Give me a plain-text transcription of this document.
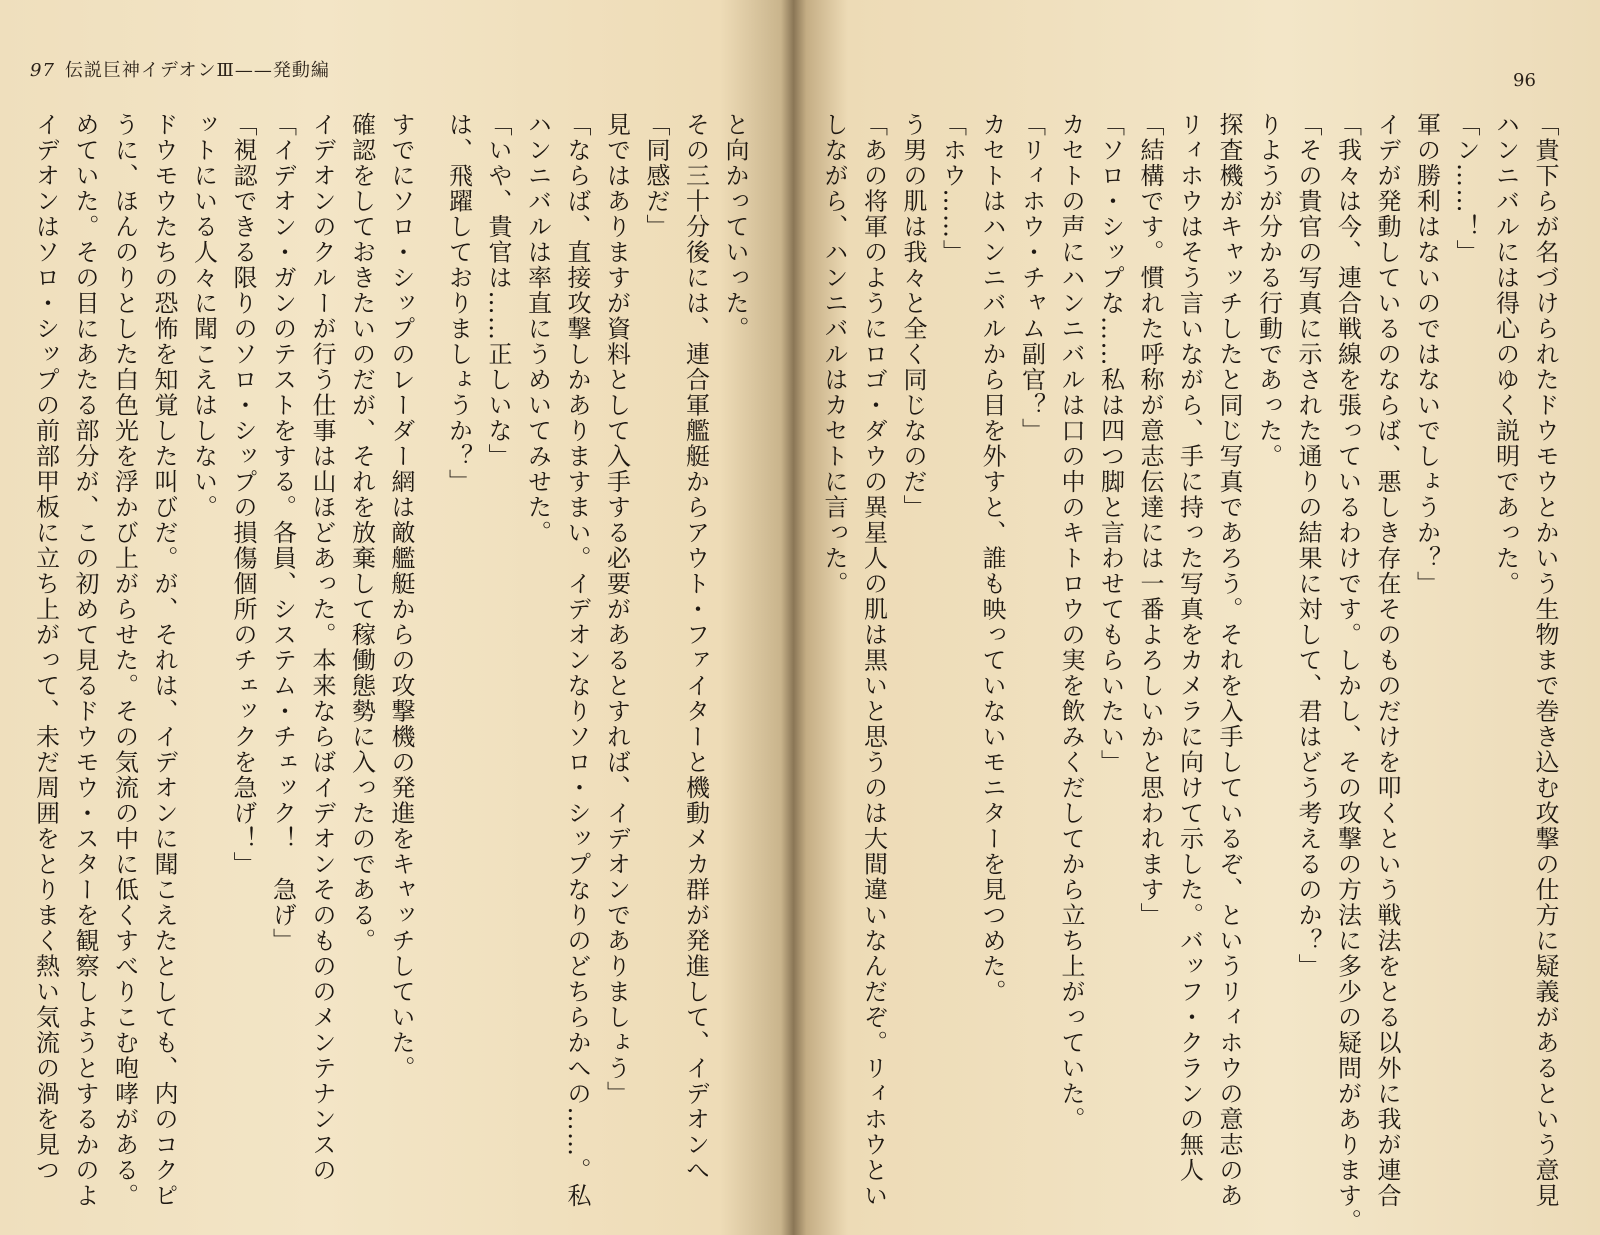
97 伝説巨神イデオンⅢ——発動編
と向かっていった。
その三十分後には、連合軍艦艇からアウト・ファイターと機動メカ群が発進して、イデオンへ
「同感だ」
見ではありますが資料として入手する必要があるとすれば、イデオンでありましょう」
「ならば、直接攻撃しかありますまい。イデオンなりソロ・シップなりのどちらかへの……。私
ハンニバルは率直にうめいてみせた。
「いや、貴官は……正しいな」
は、飛躍しておりましょうか？」
すでにソロ・シップのレーダー網は敵艦艇からの攻撃機の発進をキャッチしていた。
確認をしておきたいのだが、それを放棄して稼働態勢に入ったのである。
イデオンのクルーが行う仕事は山ほどあった。本来ならばイデオンそのもののメンテナンスの
「イデオン・ガンのテストをする。各員、システム・チェック！　急げ」
「視認できる限りのソロ・シップの損傷個所のチェックを急げ！」
ットにいる人々に聞こえはしない。
ドウモウたちの恐怖を知覚した叫びだ。が、それは、イデオンに聞こえたとしても、内のコクピ
うに、ほんのりとした白色光を浮かび上がらせた。その気流の中に低くすべりこむ咆哮がある。
めていた。その目にあたる部分が、この初めて見るドウモウ・スターを観察しようとするかのよ
イデオンはソロ・シップの前部甲板に立ち上がって、未だ周囲をとりまく熱い気流の渦を見つ
96
「貴下らが名づけられたドウモウとかいう生物まで巻き込む攻撃の仕方に疑義があるという意見
ハンニバルには得心のゆく説明であった。
「ン……！」
軍の勝利はないのではないでしょうか？」
イデが発動しているのならば、悪しき存在そのものだけを叩くという戦法をとる以外に我が連合
「我々は今、連合戦線を張っているわけです。しかし、その攻撃の方法に多少の疑問があります。
「その貴官の写真に示された通りの結果に対して、君はどう考えるのか？」
りようが分かる行動であった。
探査機がキャッチしたと同じ写真であろう。それを入手しているぞ、というリィホウの意志のあ
リィホウはそう言いながら、手に持った写真をカメラに向けて示した。バッフ・クランの無人
「結構です。慣れた呼称が意志伝達には一番よろしいかと思われます」
「ソロ・シップな……私は四つ脚と言わせてもらいたい」
カセトの声にハンニバルは口の中のキトロウの実を飲みくだしてから立ち上がっていた。
「リィホウ・チャム副官？」
カセトはハンニバルから目を外すと、誰も映っていないモニターを見つめた。
「ホウ……」
う男の肌は我々と全く同じなのだ」
「あの将軍のようにロゴ・ダウの異星人の肌は黒いと思うのは大間違いなんだぞ。リィホウとい
しながら、ハンニバルはカセトに言った。
